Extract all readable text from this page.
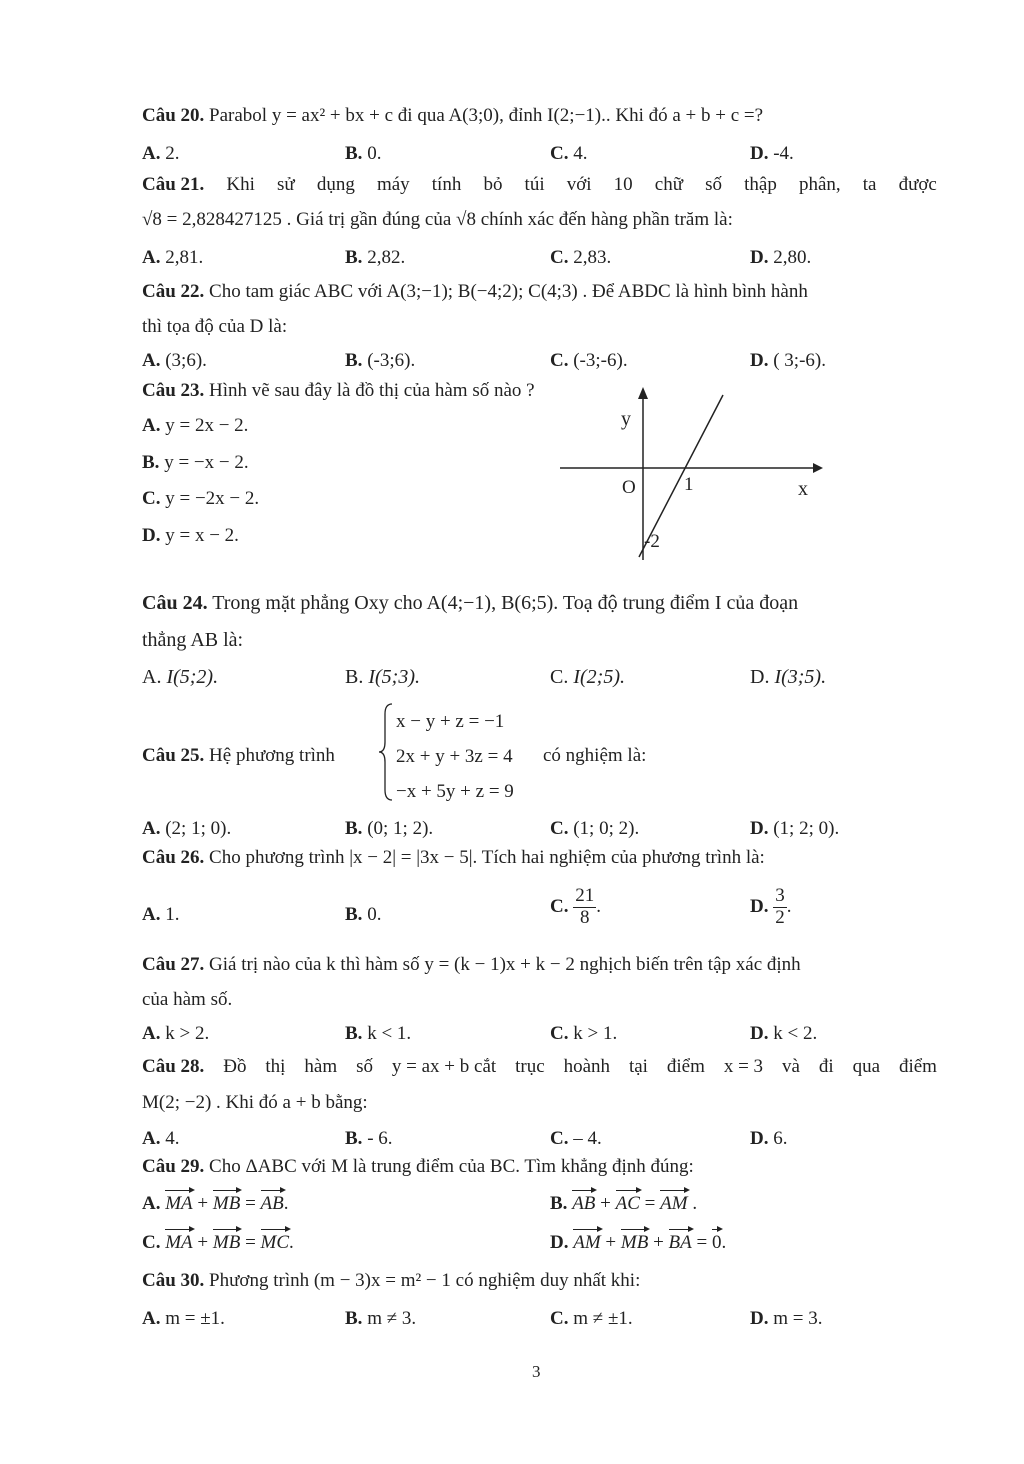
Câu 20. Parabol y = ax² + bx + c đi qua A(3;0), đỉnh I(2;−1).. Khi đó a + b + c =?
A. 2.	B. 0.	C. 4.	D. -4.
Câu 21. Khi sử dụng máy tính bỏ túi với 10 chữ số thập phân, ta được
√8 = 2,828427125 . Giá trị gần đúng của √8 chính xác đến hàng phần trăm là:
A. 2,81.	B. 2,82.	C. 2,83.	D. 2,80.
Câu 22. Cho tam giác ABC với A(3;−1); B(−4;2); C(4;3) . Để ABDC là hình bình hành
thì tọa độ của D là:
A. (3;6).	B. (-3;6).	C. (-3;-6).	D. ( 3;-6).
Câu 23. Hình vẽ sau đây là đồ thị của hàm số nào ?
A. y = 2x − 2.
B. y = −x − 2.
C. y = −2x − 2.
D. y = x − 2.
y
x
O	1
-2
Câu 24. Trong mặt phẳng Oxy cho A(4;−1), B(6;5). Toạ độ trung điểm I của đoạn
thẳng AB là:
A. I(5;2).	B. I(5;3).	C. I(2;5).	D. I(3;5).
Câu 25. Hệ phương trình
x − y + z = −1
2x + y + 3z = 4
−x + 5y + z = 9
có nghiệm là:
A. (2; 1; 0).	B. (0; 1; 2).	C. (1; 0; 2).	D. (1; 2; 0).
Câu 26. Cho phương trình |x − 2| = |3x − 5|. Tích hai nghiệm của phương trình là:
A. 1.	B. 0.	C. $\frac{21}{8}$ .	D. $\frac{3}{2}$ .
Câu 27. Giá trị nào của k thì hàm số y = (k − 1)x + k − 2 nghịch biến trên tập xác định
của hàm số.
A. k > 2.	B. k < 1.	C. k > 1.	D. k < 2.
Câu 28. Đồ thị hàm số y = ax + b cắt trục hoành tại điểm x = 3 và đi qua điểm
M(2; −2) . Khi đó a + b bằng:
A. 4.	B. - 6.	C. – 4.	D. 6.
Câu 29. Cho ΔABC với M là trung điểm của BC. Tìm khẳng định đúng:
A. MA + MB = AB.	B. AB + AC = AM .
C. MA + MB = MC.	D. AM + MB + BA = 0.
Câu 30. Phương trình (m − 3)x = m² − 1 có nghiệm duy nhất khi:
A. m = ±1.	B. m ≠ 3.	C. m ≠ ±1.	D. m = 3.
3
